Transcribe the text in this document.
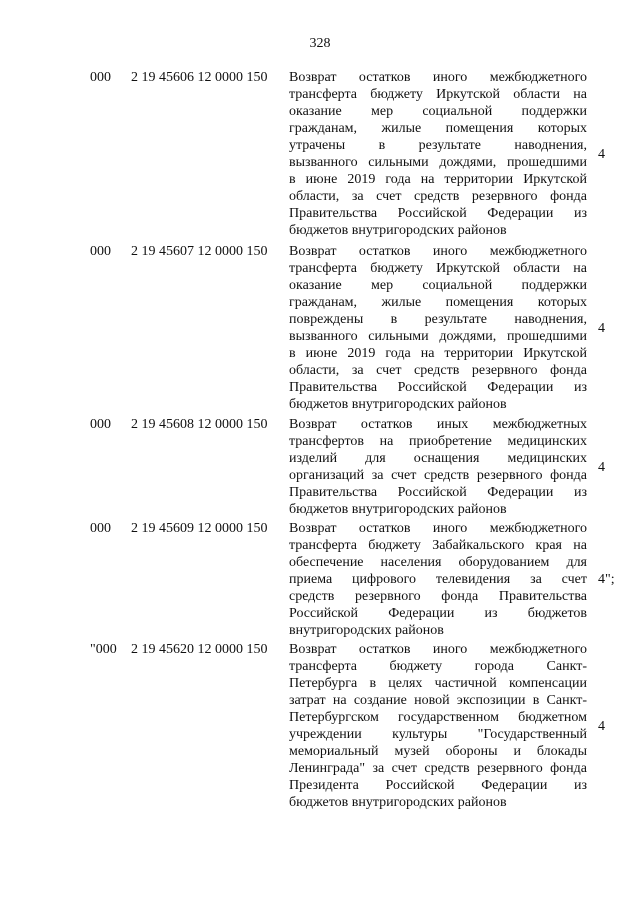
328
000 2 19 45606 12 0000 150 Возврат остатков иного межбюджетного
трансферта бюджету Иркутской области на
оказание мер социальной поддержки
гражданам, жилые помещения которых
утрачены в результате наводнения,
вызванного сильными дождями, прошедшими
в июне 2019 года на территории Иркутской
области, за счет средств резервного фонда
Правительства Российской Федерации из
бюджетов внутригородских районов
4
000 2 19 45607 12 0000 150 Возврат остатков иного межбюджетного
трансферта бюджету Иркутской области на
оказание мер социальной поддержки
гражданам, жилые помещения которых
повреждены в результате наводнения,
вызванного сильными дождями, прошедшими
в июне 2019 года на территории Иркутской
области, за счет средств резервного фонда
Правительства Российской Федерации из
бюджетов внутригородских районов
4
000 2 19 45608 12 0000 150 Возврат остатков иных межбюджетных
трансфертов на приобретение медицинских
изделий для оснащения медицинских
организаций за счет средств резервного фонда
Правительства Российской Федерации из
бюджетов внутригородских районов
4
000 2 19 45609 12 0000 150 Возврат остатков иного межбюджетного
трансферта бюджету Забайкальского края на
обеспечение населения оборудованием для
приема цифрового телевидения за счет
средств резервного фонда Правительства
Российской Федерации из бюджетов
внутригородских районов
4";
"000 2 19 45620 12 0000 150 Возврат остатков иного межбюджетного
трансферта бюджету города Санкт-
Петербурга в целях частичной компенсации
затрат на создание новой экспозиции в Санкт-
Петербургском государственном бюджетном
учреждении культуры "Государственный
мемориальный музей обороны и блокады
Ленинграда" за счет средств резервного фонда
Президента Российской Федерации из
бюджетов внутригородских районов
4
